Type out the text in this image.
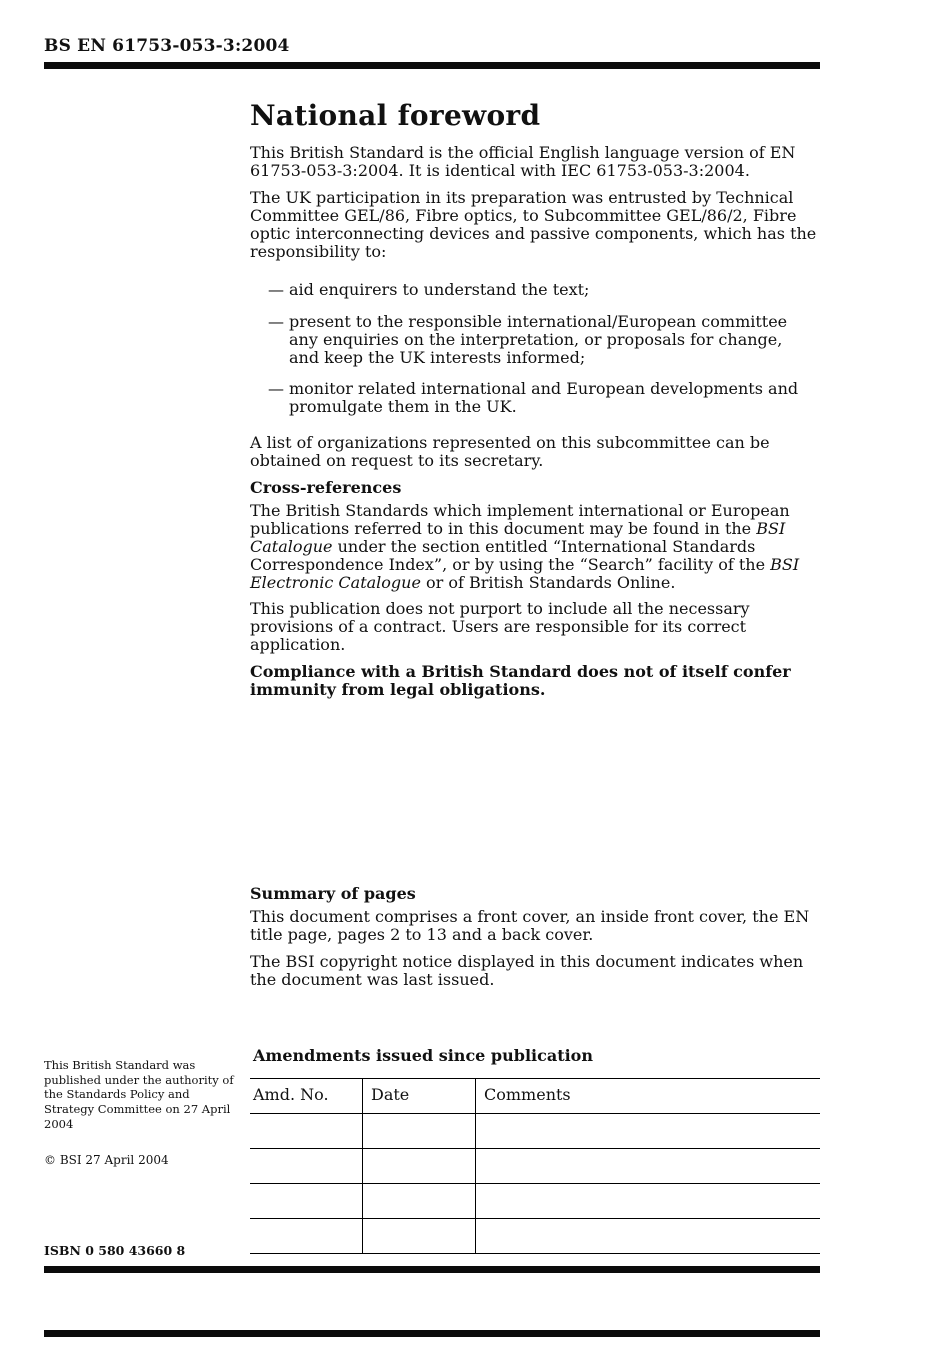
BS EN 61753-053-3:2004
National foreword

This British Standard is the official English language version of EN 61753-053-3:2004. It is identical with IEC 61753-053-3:2004.

The UK participation in its preparation was entrusted by Technical Committee GEL/86, Fibre optics, to Subcommittee GEL/86/2, Fibre optic interconnecting devices and passive components, which has the responsibility to:

— aid enquirers to understand the text;
— present to the responsible international/European committee any enquiries on the interpretation, or proposals for change, and keep the UK interests informed;
— monitor related international and European developments and promulgate them in the UK.

A list of organizations represented on this subcommittee can be obtained on request to its secretary.

Cross-references

The British Standards which implement international or European publications referred to in this document may be found in the BSI Catalogue under the section entitled “International Standards Correspondence Index”, or by using the “Search” facility of the BSI Electronic Catalogue or of British Standards Online.

This publication does not purport to include all the necessary provisions of a contract. Users are responsible for its correct application.

Compliance with a British Standard does not of itself confer immunity from legal obligations.

Summary of pages

This document comprises a front cover, an inside front cover, the EN title page, pages 2 to 13 and a back cover.

The BSI copyright notice displayed in this document indicates when the document was last issued.

This British Standard was published under the authority of the Standards Policy and Strategy Committee on 27 April 2004
© BSI 27 April 2004
ISBN 0 580 43660 8
Amendments issued since publication
Amd. No.	Date	Comments
